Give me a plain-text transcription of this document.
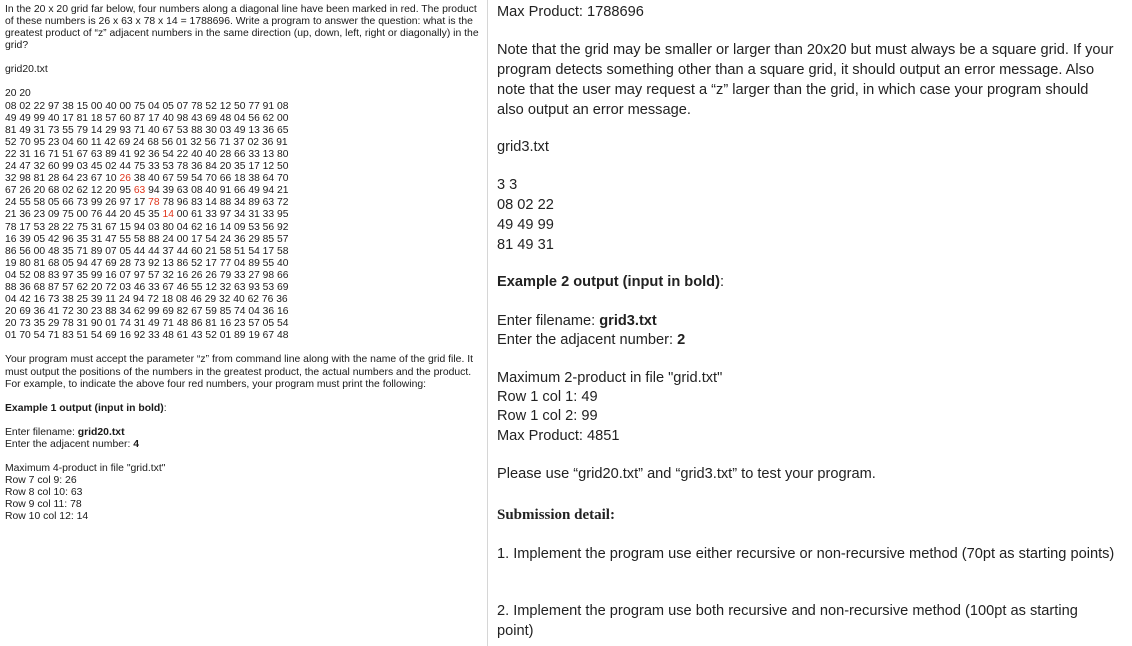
In the 20 x 20 grid far below, four numbers along a diagonal line have been marked in red. The product of these numbers is 26 x 63 x 78 x 14 = 1788696. Write a program to answer the question: what is the greatest product of “z” adjacent numbers in the same direction (up, down, left, right or diagonally) in the grid?

grid20.txt

20 20

08 02 22 97 38 15 00 40 00 75 04 05 07 78 52 12 50 77 91 08

49 49 99 40 17 81 18 57 60 87 17 40 98 43 69 48 04 56 62 00

81 49 31 73 55 79 14 29 93 71 40 67 53 88 30 03 49 13 36 65

52 70 95 23 04 60 11 42 69 24 68 56 01 32 56 71 37 02 36 91

22 31 16 71 51 67 63 89 41 92 36 54 22 40 40 28 66 33 13 80

24 47 32 60 99 03 45 02 44 75 33 53 78 36 84 20 35 17 12 50

32 98 81 28 64 23 67 10 26 38 40 67 59 54 70 66 18 38 64 70

67 26 20 68 02 62 12 20 95 63 94 39 63 08 40 91 66 49 94 21

24 55 58 05 66 73 99 26 97 17 78 78 96 83 14 88 34 89 63 72

21 36 23 09 75 00 76 44 20 45 35 14 00 61 33 97 34 31 33 95

78 17 53 28 22 75 31 67 15 94 03 80 04 62 16 14 09 53 56 92

16 39 05 42 96 35 31 47 55 58 88 24 00 17 54 24 36 29 85 57

86 56 00 48 35 71 89 07 05 44 44 37 44 60 21 58 51 54 17 58

19 80 81 68 05 94 47 69 28 73 92 13 86 52 17 77 04 89 55 40

04 52 08 83 97 35 99 16 07 97 57 32 16 26 26 79 33 27 98 66

88 36 68 87 57 62 20 72 03 46 33 67 46 55 12 32 63 93 53 69

04 42 16 73 38 25 39 11 24 94 72 18 08 46 29 32 40 62 76 36

20 69 36 41 72 30 23 88 34 62 99 69 82 67 59 85 74 04 36 16

20 73 35 29 78 31 90 01 74 31 49 71 48 86 81 16 23 57 05 54

01 70 54 71 83 51 54 69 16 92 33 48 61 43 52 01 89 19 67 48

Your program must accept the parameter “z” from command line along with the name of the grid file. It must output the positions of the numbers in the greatest product, the actual numbers and the product. For example, to indicate the above four red numbers, your program must print the following:

Example 1 output (input in bold):

Enter filename: grid20.txt

Enter the adjacent number: 4

Maximum 4-product in file "grid.txt"

Row 7 col 9: 26

Row 8 col 10: 63

Row 9 col 11: 78

Row 10 col 12: 14

Max Product: 1788696

Note that the grid may be smaller or larger than 20x20 but must always be a square grid. If your program detects something other than a square grid, it should output an error message. Also note that the user may request a “z” larger than the grid, in which case your program should also output an error message.

grid3.txt

3 3

08 02 22

49 49 99

81 49 31

Example 2 output (input in bold):

Enter filename: grid3.txt

Enter the adjacent number: 2

Maximum 2-product in file "grid.txt"

Row 1 col 1: 49

Row 1 col 2: 99

Max Product: 4851

Please use “grid20.txt” and “grid3.txt” to test your program.

Submission detail:

1. Implement the program use either recursive or non-recursive method (70pt as starting points)

2. Implement the program use both recursive and non-recursive method (100pt as starting point)
